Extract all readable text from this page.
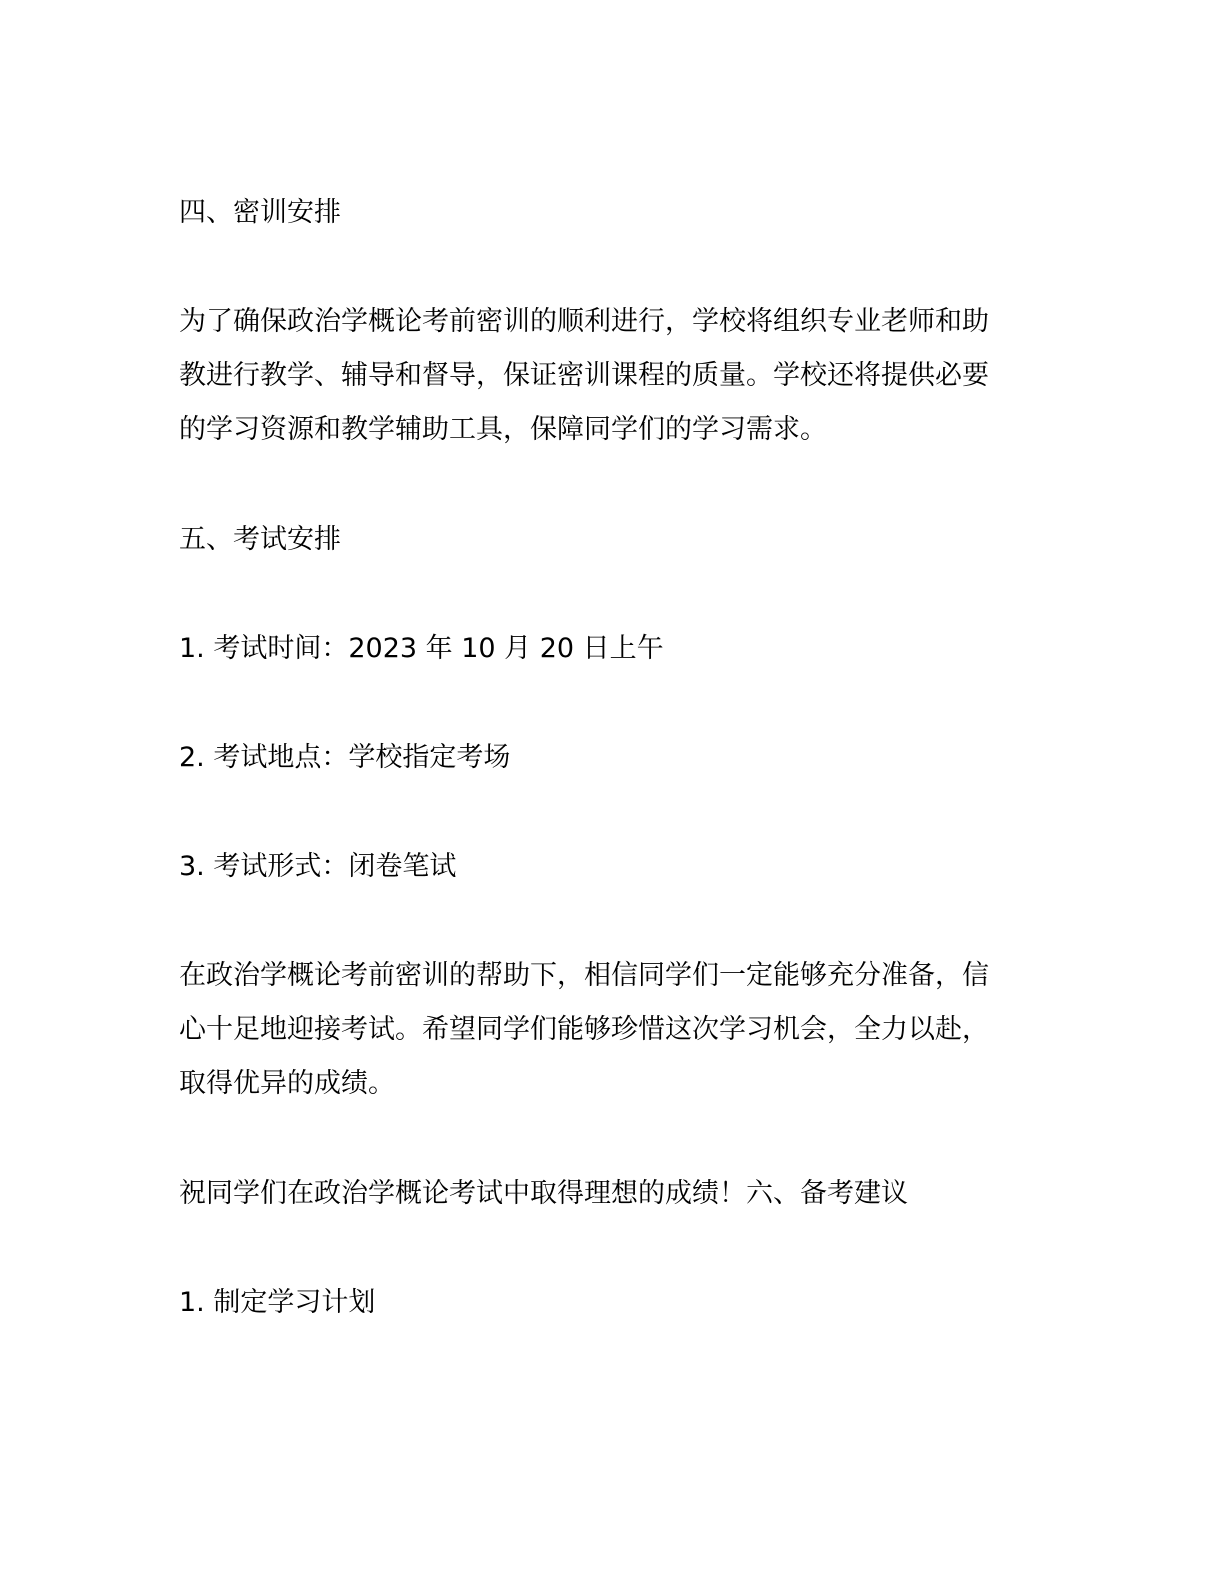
四、密训安排

为了确保政治学概论考前密训的顺利进行，学校将组织专业老师和助
教进行教学、辅导和督导，保证密训课程的质量。学校还将提供必要
的学习资源和教学辅助工具，保障同学们的学习需求。

五、考试安排

1. 考试时间：2023 年 10 月 20 日上午

2. 考试地点：学校指定考场

3. 考试形式：闭卷笔试

在政治学概论考前密训的帮助下，相信同学们一定能够充分准备，信
心十足地迎接考试。希望同学们能够珍惜这次学习机会，全力以赴，
取得优异的成绩。

祝同学们在政治学概论考试中取得理想的成绩！六、备考建议

1. 制定学习计划
